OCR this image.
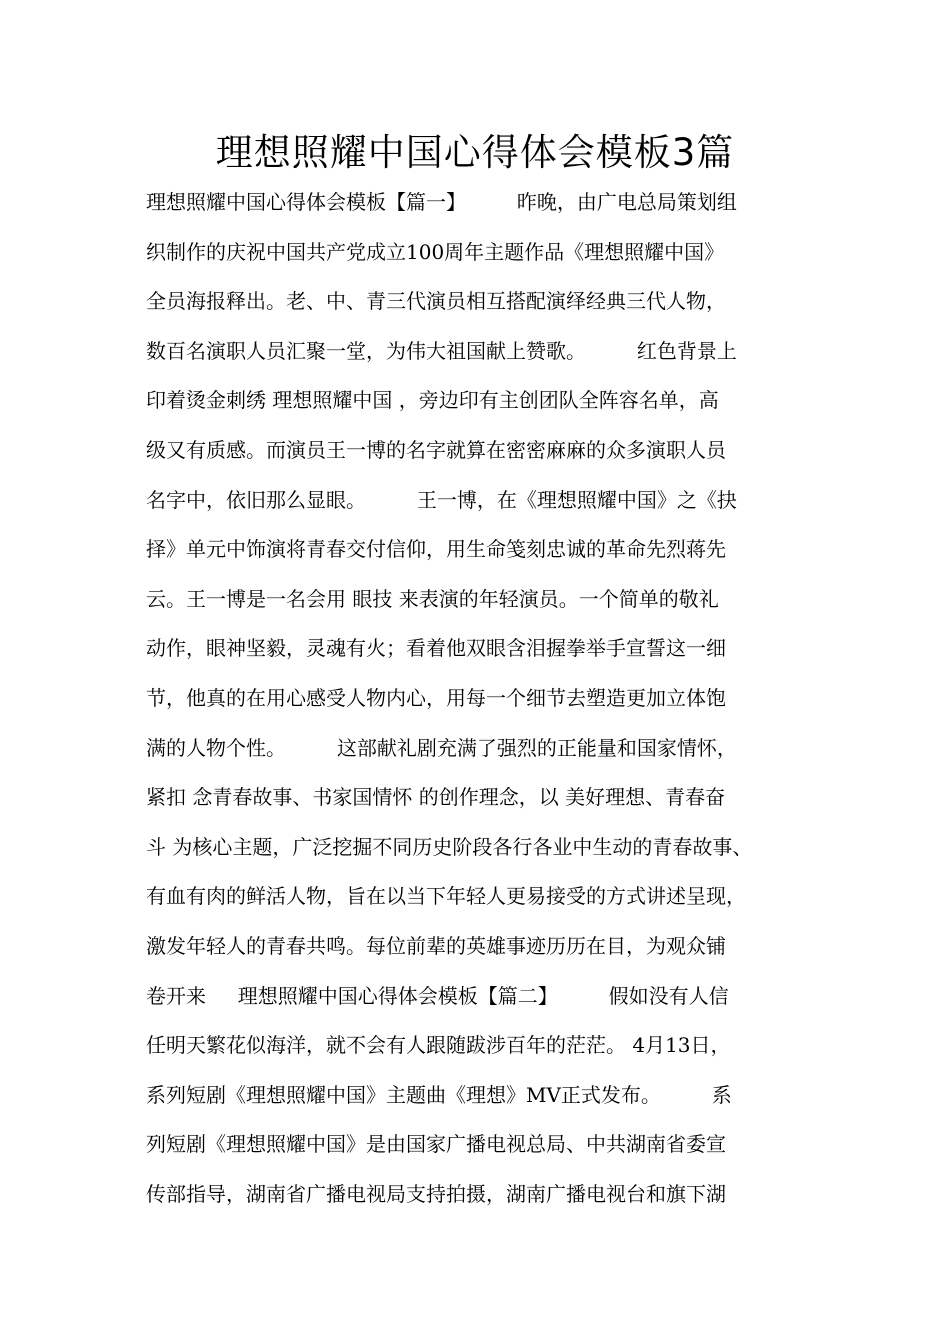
理想照耀中国心得体会模板3篇
理想照耀中国心得体会模板【篇一】        昨晚，由广电总局策划组
织制作的庆祝中国共产党成立100周年主题作品《理想照耀中国》
全员海报释出。老、中、青三代演员相互搭配演绎经典三代人物，
数百名演职人员汇聚一堂，为伟大祖国献上赞歌。        红色背景上
印着烫金刺绣 理想照耀中国 ，旁边印有主创团队全阵容名单，高
级又有质感。而演员王一博的名字就算在密密麻麻的众多演职人员
名字中，依旧那么显眼。        王一博，在《理想照耀中国》之《抉
择》单元中饰演将青春交付信仰，用生命笺刻忠诚的革命先烈蒋先
云。王一博是一名会用 眼技 来表演的年轻演员。一个简单的敬礼
动作，眼神坚毅，灵魂有火；看着他双眼含泪握拳举手宣誓这一细
节，他真的在用心感受人物内心，用每一个细节去塑造更加立体饱
满的人物个性。        这部献礼剧充满了强烈的正能量和国家情怀，
紧扣 念青春故事、书家国情怀 的创作理念，以 美好理想、青春奋
斗 为核心主题，广泛挖掘不同历史阶段各行各业中生动的青春故事、
有血有肉的鲜活人物，旨在以当下年轻人更易接受的方式讲述呈现，
激发年轻人的青春共鸣。每位前辈的英雄事迹历历在目，为观众铺
卷开来     理想照耀中国心得体会模板【篇二】        假如没有人信
任明天繁花似海洋，就不会有人跟随跋涉百年的茫茫。 4月13日，
系列短剧《理想照耀中国》主题曲《理想》MV正式发布。        系
列短剧《理想照耀中国》是由国家广播电视总局、中共湖南省委宣
传部指导，湖南省广播电视局支持拍摄，湖南广播电视台和旗下湖
